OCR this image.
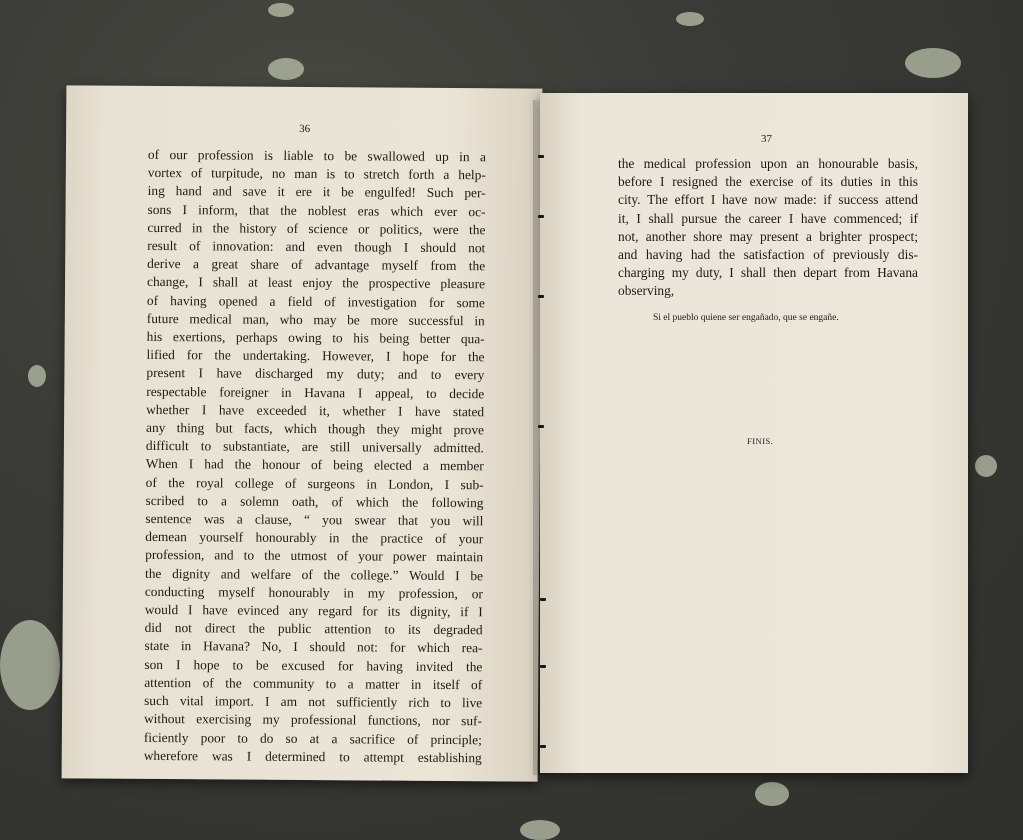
36
of our profession is liable to be swallowed up in a
vortex of turpitude, no man is to stretch forth a help-
ing hand and save it ere it be engulfed! Such per-
sons I inform, that the noblest eras which ever oc-
curred in the history of science or politics, were the
result of innovation: and even though I should not
derive a great share of advantage myself from the
change, I shall at least enjoy the prospective pleasure
of having opened a field of investigation for some
future medical man, who may be more successful in
his exertions, perhaps owing to his being better qua-
lified for the undertaking. However, I hope for the
present I have discharged my duty; and to every
respectable foreigner in Havana I appeal, to decide
whether I have exceeded it, whether I have stated
any thing but facts, which though they might prove
difficult to substantiate, are still universally admitted.
When I had the honour of being elected a member
of the royal college of surgeons in London, I sub-
scribed to a solemn oath, of which the following
sentence was a clause, “ you swear that you will
demean yourself honourably in the practice of your
profession, and to the utmost of your power maintain
the dignity and welfare of the college.” Would I be
conducting myself honourably in my profession, or
would I have evinced any regard for its dignity, if I
did not direct the public attention to its degraded
state in Havana? No, I should not: for which rea-
son I hope to be excused for having invited the
attention of the community to a matter in itself of
such vital import. I am not sufficiently rich to live
without exercising my professional functions, nor suf-
ficiently poor to do so at a sacrifice of principle;
wherefore was I determined to attempt establishing
37
the medical profession upon an honourable basis,
before I resigned the exercise of its duties in this
city. The effort I have now made: if success attend
it, I shall pursue the career I have commenced; if
not, another shore may present a brighter prospect;
and having had the satisfaction of previously dis-
charging my duty, I shall then depart from Havana
observing,
Si el pueblo quiene ser engañado, que se engañe.
FINIS.
